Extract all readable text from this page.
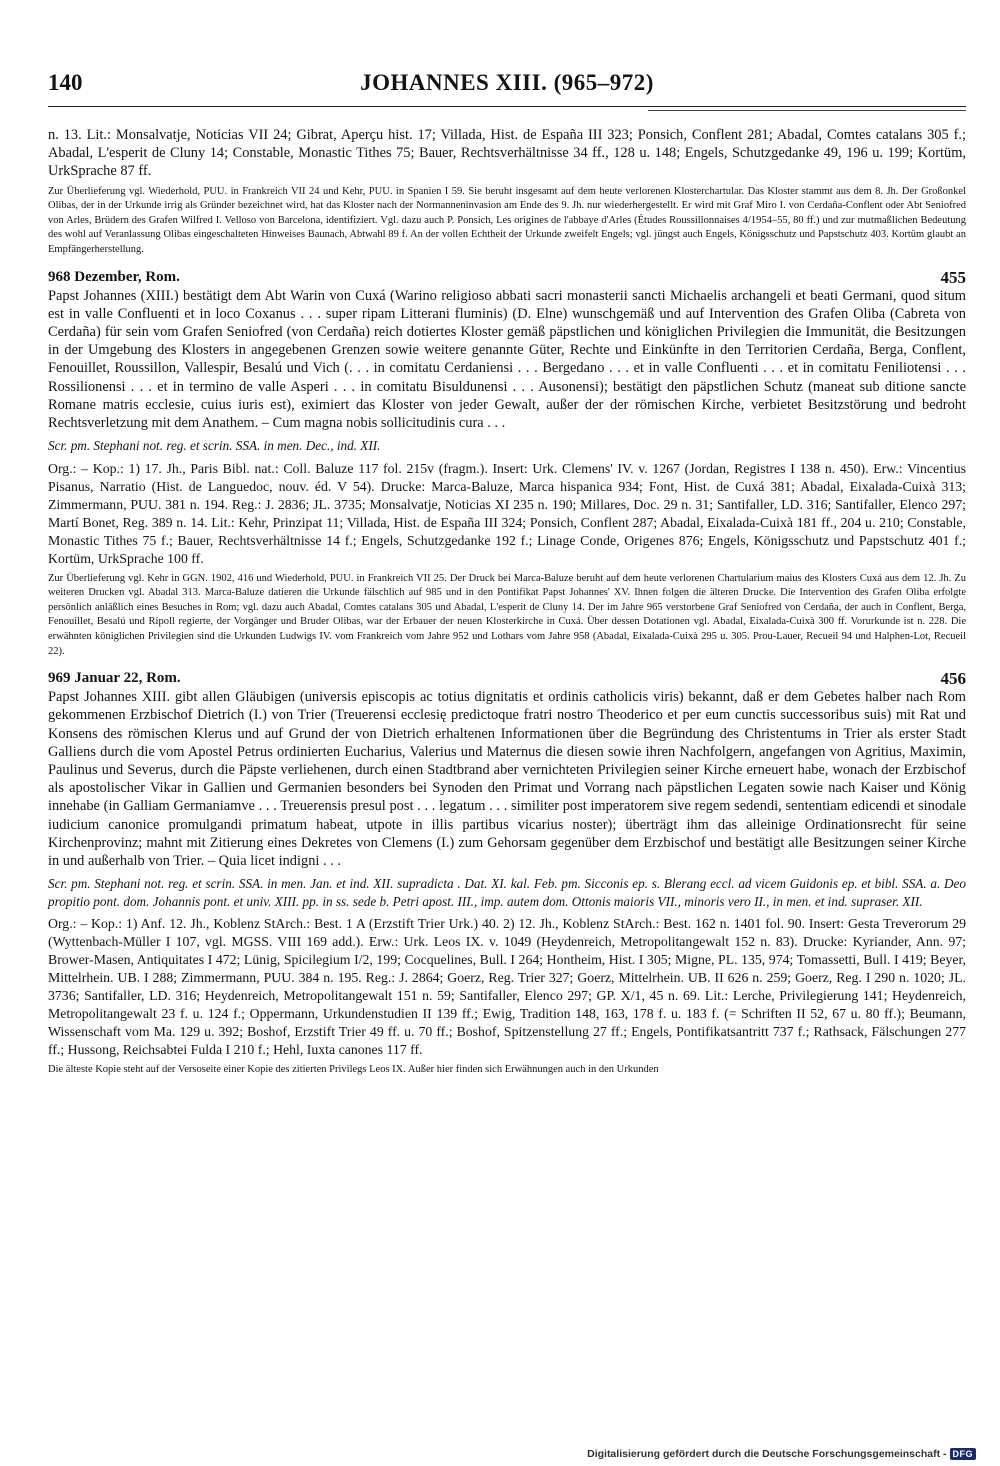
140	JOHANNES XIII. (965–972)

n. 13. Lit.: Monsalvatje, Noticias VII 24; Gibrat, Aperçu hist. 17; Villada, Hist. de España III 323; Ponsich, Conflent 281; Abadal, Comtes catalans 305 f.; Abadal, L'esperit de Cluny 14; Constable, Monastic Tithes 75; Bauer, Rechtsverhältnisse 34 ff., 128 u. 148; Engels, Schutzgedanke 49, 196 u. 199; Kortüm, UrkSprache 87 ff.

Zur Überlieferung vgl. Wiederhold, PUU. in Frankreich VII 24 und Kehr, PUU. in Spanien I 59. Sie beruht insgesamt auf dem heute verlorenen Klosterchartular. Das Kloster stammt aus dem 8. Jh. Der Großonkel Olibas, der in der Urkunde irrig als Gründer bezeichnet wird, hat das Kloster nach der Normanneninvasion am Ende des 9. Jh. nur wiederhergestellt. Er wird mit Graf Miro I. von Cerdaña-Conflent oder Abt Seniofred von Arles, Brüdern des Grafen Wilfred I. Velloso von Barcelona, identifiziert. Vgl. dazu auch P. Ponsich, Les origines de l'abbaye d'Arles (Études Roussillonnaises 4/1954–55, 80 ff.) und zur mutmaßlichen Bedeutung des wohl auf Veranlassung Olibas eingeschalteten Hinweises Baunach, Abtwahl 89 f. An der vollen Echtheit der Urkunde zweifelt Engels; vgl. jüngst auch Engels, Königsschutz und Papstschutz 403. Kortüm glaubt an Empfängerherstellung.

968 Dezember, Rom.	455

Papst Johannes (XIII.) bestätigt dem Abt Warin von Cuxá (Warino religioso abbati sacri monasterii sancti Michaelis archangeli et beati Germani, quod situm est in valle Confluenti et in loco Coxanus . . . super ripam Litterani fluminis) (D. Elne) wunschgemäß und auf Intervention des Grafen Oliba (Cabreta von Cerdaña) für sein vom Grafen Seniofred (von Cerdaña) reich dotiertes Kloster gemäß päpstlichen und königlichen Privilegien die Immunität, die Besitzungen in der Umgebung des Klosters in angegebenen Grenzen sowie weitere genannte Güter, Rechte und Einkünfte in den Territorien Cerdaña, Berga, Conflent, Fenouillet, Roussillon, Vallespir, Besalú und Vich (. . . in comitatu Cerdaniensi . . . Bergedano . . . et in valle Confluenti . . . et in comitatu Feniliotensi . . . Rossilionensi . . . et in termino de valle Asperi . . . in comitatu Bisuldunensi . . . Ausonensi); bestätigt den päpstlichen Schutz (maneat sub ditione sancte Romane matris ecclesie, cuius iuris est), eximiert das Kloster von jeder Gewalt, außer der der römischen Kirche, verbietet Besitzstörung und bedroht Rechtsverletzung mit dem Anathem. – Cum magna nobis sollicitudinis cura . . .

Scr. pm. Stephani not. reg. et scrin. SSA. in men. Dec., ind. XII.

Org.: – Kop.: 1) 17. Jh., Paris Bibl. nat.: Coll. Baluze 117 fol. 215v (fragm.). Insert: Urk. Clemens' IV. v. 1267 (Jordan, Registres I 138 n. 450). Erw.: Vincentius Pisanus, Narratio (Hist. de Languedoc, nouv. éd. V 54). Drucke: Marca-Baluze, Marca hispanica 934; Font, Hist. de Cuxá 381; Abadal, Eixalada-Cuixà 313; Zimmermann, PUU. 381 n. 194. Reg.: J. 2836; JL. 3735; Monsalvatje, Noticias XI 235 n. 190; Millares, Doc. 29 n. 31; Santifaller, LD. 316; Santifaller, Elenco 297; Martí Bonet, Reg. 389 n. 14. Lit.: Kehr, Prinzipat 11; Villada, Hist. de España III 324; Ponsich, Conflent 287; Abadal, Eixalada-Cuixà 181 ff., 204 u. 210; Constable, Monastic Tithes 75 f.; Bauer, Rechtsverhältnisse 14 f.; Engels, Schutzgedanke 192 f.; Linage Conde, Origenes 876; Engels, Königsschutz und Papstschutz 401 f.; Kortüm, UrkSprache 100 ff.

Zur Überlieferung vgl. Kehr in GGN. 1902, 416 und Wiederhold, PUU. in Frankreich VII 25. Der Druck bei Marca-Baluze beruht auf dem heute verlorenen Chartularium maius des Klosters Cuxá aus dem 12. Jh. Zu weiteren Drucken vgl. Abadal 313. Marca-Baluze datieren die Urkunde fälschlich auf 985 und in den Pontifikat Papst Johannes' XV. Ihnen folgen die älteren Drucke. Die Intervention des Grafen Oliba erfolgte persönlich anläßlich eines Besuches in Rom; vgl. dazu auch Abadal, Comtes catalans 305 und Abadal, L'esperit de Cluny 14. Der im Jahre 965 verstorbene Graf Seniofred von Cerdaña, der auch in Conflent, Berga, Fenouillet, Besalú und Ripoll regierte, der Vorgänger und Bruder Olibas, war der Erbauer der neuen Klosterkirche in Cuxá. Über dessen Dotationen vgl. Abadal, Eixalada-Cuixà 300 ff. Vorurkunde ist n. 228. Die erwähnten königlichen Privilegien sind die Urkunden Ludwigs IV. vom Frankreich vom Jahre 952 und Lothars vom Jahre 958 (Abadal, Eixalada-Cuixà 295 u. 305. Prou-Lauer, Recueil 94 und Halphen-Lot, Recueil 22).

969 Januar 22, Rom.	456

Papst Johannes XIII. gibt allen Gläubigen (universis episcopis ac totius dignitatis et ordinis catholicis viris) bekannt, daß er dem Gebetes halber nach Rom gekommenen Erzbischof Dietrich (I.) von Trier (Treuerensi ecclesię predictoque fratri nostro Theoderico et per eum cunctis successoribus suis) mit Rat und Konsens des römischen Klerus und auf Grund der von Dietrich erhaltenen Informationen über die Begründung des Christentums in Trier als erster Stadt Galliens durch die vom Apostel Petrus ordinierten Eucharius, Valerius und Maternus die diesen sowie ihren Nachfolgern, angefangen von Agritius, Maximin, Paulinus und Severus, durch die Päpste verliehenen, durch einen Stadtbrand aber vernichteten Privilegien seiner Kirche erneuert habe, wonach der Erzbischof als apostolischer Vikar in Gallien und Germanien besonders bei Synoden den Primat und Vorrang nach päpstlichen Legaten sowie nach Kaiser und König innehabe (in Galliam Germaniamve . . . Treuerensis presul post . . . legatum . . . similiter post imperatorem sive regem sedendi, sententiam edicendi et sinodale iudicium canonice promulgandi primatum habeat, utpote in illis partibus vicarius noster); überträgt ihm das alleinige Ordinationsrecht für seine Kirchenprovinz; mahnt mit Zitierung eines Dekretes von Clemens (I.) zum Gehorsam gegenüber dem Erzbischof und bestätigt alle Besitzungen seiner Kirche in und außerhalb von Trier. – Quia licet indigni . . .

Scr. pm. Stephani not. reg. et scrin. SSA. in men. Jan. et ind. XII. supradicta . Dat. XI. kal. Feb. pm. Sicconis ep. s. Blerang eccl. ad vicem Guidonis ep. et bibl. SSA. a. Deo propitio pont. dom. Johannis pont. et univ. XIII. pp. in ss. sede b. Petri apost. III., imp. autem dom. Ottonis maioris VII., minoris vero II., in men. et ind. supraser. XII.

Org.: – Kop.: 1) Anf. 12. Jh., Koblenz StArch.: Best. 1 A (Erzstift Trier Urk.) 40. 2) 12. Jh., Koblenz StArch.: Best. 162 n. 1401 fol. 90. Insert: Gesta Treverorum 29 (Wyttenbach-Müller I 107, vgl. MGSS. VIII 169 add.). Erw.: Urk. Leos IX. v. 1049 (Heydenreich, Metropolitangewalt 152 n. 83). Drucke: Kyriander, Ann. 97; Brower-Masen, Antiquitates I 472; Lünig, Spicilegium I/2, 199; Cocquelines, Bull. I 264; Hontheim, Hist. I 305; Migne, PL. 135, 974; Tomassetti, Bull. I 419; Beyer, Mittelrhein. UB. I 288; Zimmermann, PUU. 384 n. 195. Reg.: J. 2864; Goerz, Reg. Trier 327; Goerz, Mittelrhein. UB. II 626 n. 259; Goerz, Reg. I 290 n. 1020; JL. 3736; Santifaller, LD. 316; Heydenreich, Metropolitangewalt 151 n. 59; Santifaller, Elenco 297; GP. X/1, 45 n. 69. Lit.: Lerche, Privilegierung 141; Heydenreich, Metropolitangewalt 23 f. u. 124 f.; Oppermann, Urkundenstudien II 139 ff.; Ewig, Tradition 148, 163, 178 f. u. 183 f. (= Schriften II 52, 67 u. 80 ff.); Beumann, Wissenschaft vom Ma. 129 u. 392; Boshof, Erzstift Trier 49 ff. u. 70 ff.; Boshof, Spitzenstellung 27 ff.; Engels, Pontifikatsantritt 737 f.; Rathsack, Fälschungen 277 ff.; Hussong, Reichsabtei Fulda I 210 f.; Hehl, Iuxta canones 117 ff.

Die älteste Kopie steht auf der Versoseite einer Kopie des zitierten Privilegs Leos IX. Außer hier finden sich Erwähnungen auch in den Urkunden

Digitalisierung gefördert durch die Deutsche Forschungsgemeinschaft - DFG
